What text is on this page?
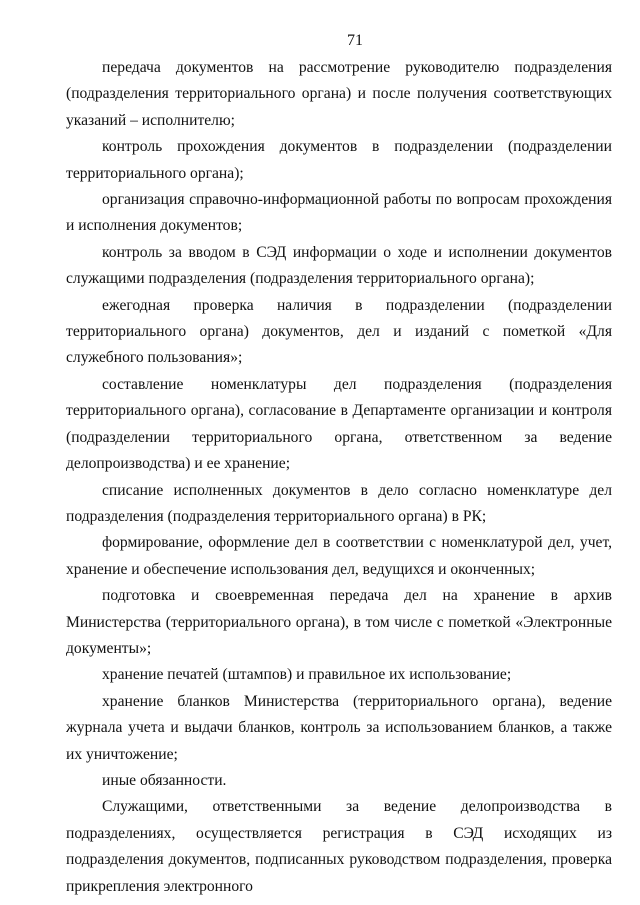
71

передача документов на рассмотрение руководителю подразделения (подразделения территориального органа) и после получения соответствующих указаний – исполнителю;

контроль прохождения документов в подразделении (подразделении территориального органа);

организация справочно-информационной работы по вопросам прохождения и исполнения документов;

контроль за вводом в СЭД информации о ходе и исполнении документов служащими подразделения (подразделения территориального органа);

ежегодная проверка наличия в подразделении (подразделении территориального органа) документов, дел и изданий с пометкой «Для служебного пользования»;

составление номенклатуры дел подразделения (подразделения территориального органа), согласование в Департаменте организации и контроля (подразделении территориального органа, ответственном за ведение делопроизводства) и ее хранение;

списание исполненных документов в дело согласно номенклатуре дел подразделения (подразделения территориального органа) в РК;

формирование, оформление дел в соответствии с номенклатурой дел, учет, хранение и обеспечение использования дел, ведущихся и оконченных;

подготовка и своевременная передача дел на хранение в архив Министерства (территориального органа), в том числе с пометкой «Электронные документы»;

хранение печатей (штампов) и правильное их использование;

хранение бланков Министерства (территориального органа), ведение журнала учета и выдачи бланков, контроль за использованием бланков, а также их уничтожение;

иные обязанности.

Служащими, ответственными за ведение делопроизводства в подразделениях, осуществляется регистрация в СЭД исходящих из подразделения документов, подписанных руководством подразделения, проверка прикрепления электронного
